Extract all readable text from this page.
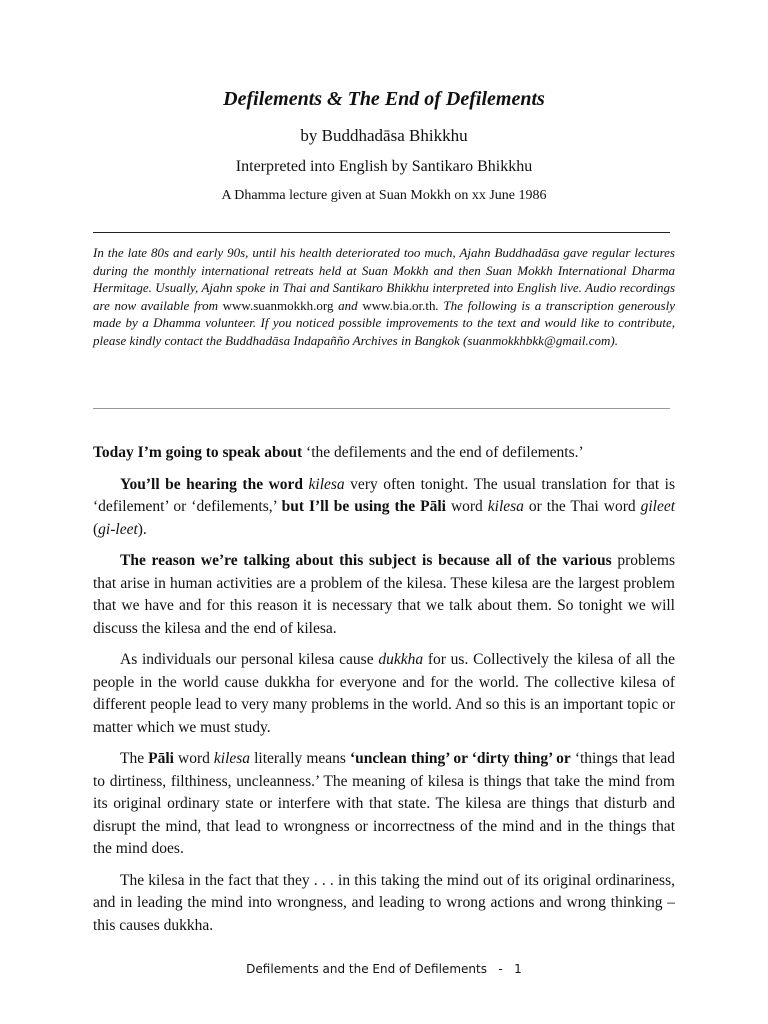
Defilements & The End of Defilements
by Buddhadāsa Bhikkhu
Interpreted into English by Santikaro Bhikkhu
A Dhamma lecture given at Suan Mokkh on xx June 1986
In the late 80s and early 90s, until his health deteriorated too much, Ajahn Buddhadāsa gave regular lectures during the monthly international retreats held at Suan Mokkh and then Suan Mokkh International Dharma Hermitage. Usually, Ajahn spoke in Thai and Santikaro Bhikkhu interpreted into English live. Audio recordings are now available from www.suanmokkh.org and www.bia.or.th. The following is a transcription generously made by a Dhamma volunteer. If you noticed possible improvements to the text and would like to contribute, please kindly contact the Buddhadāsa Indapañño Archives in Bangkok (suanmokkhbkk@gmail.com).

Today I’m going to speak about ‘the defilements and the end of defilements.’

You’ll be hearing the word kilesa very often tonight. The usual translation for that is ‘defilement’ or ‘defilements,’ but I’ll be using the Pāli word kilesa or the Thai word gileet (gi-leet).

The reason we’re talking about this subject is because all of the various problems that arise in human activities are a problem of the kilesa. These kilesa are the largest problem that we have and for this reason it is necessary that we talk about them. So tonight we will discuss the kilesa and the end of kilesa.

As individuals our personal kilesa cause dukkha for us. Collectively the kilesa of all the people in the world cause dukkha for everyone and for the world. The collective kilesa of different people lead to very many problems in the world. And so this is an important topic or matter which we must study.

The Pāli word kilesa literally means ‘unclean thing’ or ‘dirty thing’ or ‘things that lead to dirtiness, filthiness, uncleanness.’ The meaning of kilesa is things that take the mind from its original ordinary state or interfere with that state. The kilesa are things that disturb and disrupt the mind, that lead to wrongness or incorrectness of the mind and in the things that the mind does.

The kilesa in the fact that they . . . in this taking the mind out of its original ordinariness, and in leading the mind into wrongness, and leading to wrong actions and wrong thinking – this causes dukkha.

Defilements and the End of Defilements   -   1
